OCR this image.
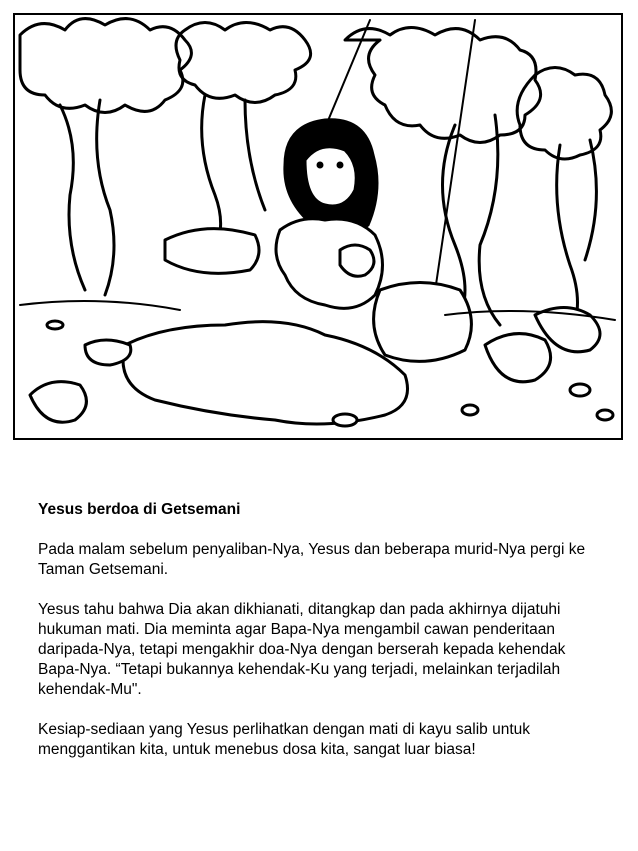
Yesus berdoa di Getsemani

Pada malam sebelum penyaliban-Nya, Yesus dan beberapa murid-Nya pergi ke Taman Getsemani.

Yesus tahu bahwa Dia akan dikhianati, ditangkap dan pada akhirnya dijatuhi hukuman mati. Dia meminta agar Bapa-Nya mengambil cawan penderitaan daripada-Nya, tetapi mengakhir doa-Nya dengan berserah kepada kehendak Bapa-Nya. “Tetapi bukannya kehendak-Ku yang terjadi, melainkan terjadilah kehendak-Mu".

Kesiap-sediaan yang Yesus perlihatkan dengan mati di kayu salib untuk menggantikan kita, untuk menebus dosa kita, sangat luar biasa!
